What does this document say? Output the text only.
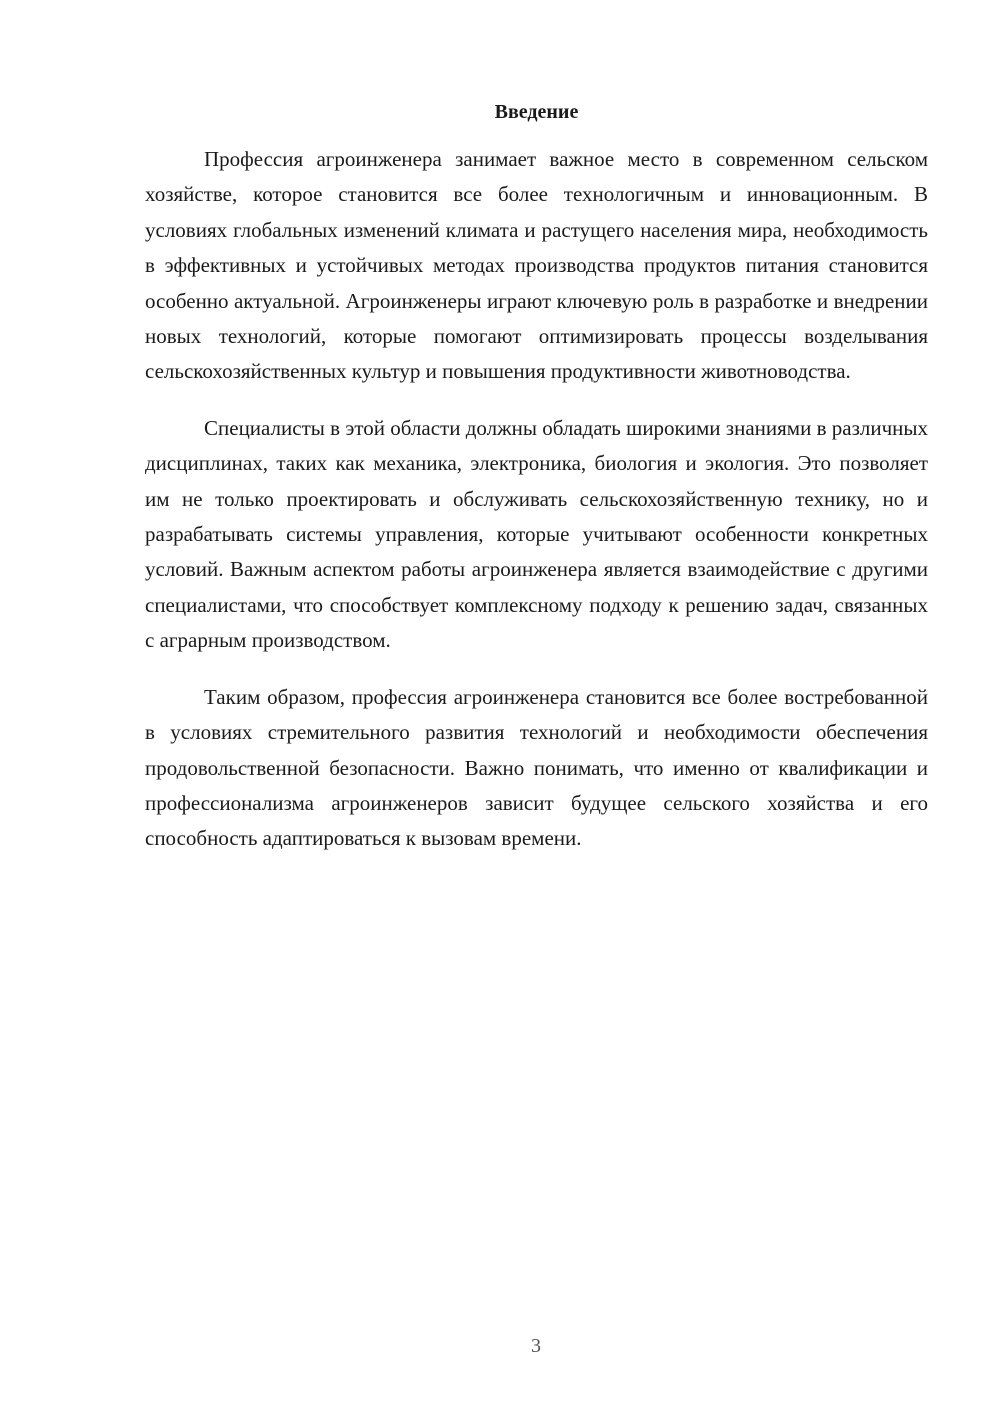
Введение

Профессия агроинженера занимает важное место в современном сельском хозяйстве, которое становится все более технологичным и инновационным. В условиях глобальных изменений климата и растущего населения мира, необходимость в эффективных и устойчивых методах производства продуктов питания становится особенно актуальной. Агроинженеры играют ключевую роль в разработке и внедрении новых технологий, которые помогают оптимизировать процессы возделывания сельскохозяйственных культур и повышения продуктивности животноводства.

Специалисты в этой области должны обладать широкими знаниями в различных дисциплинах, таких как механика, электроника, биология и экология. Это позволяет им не только проектировать и обслуживать сельскохозяйственную технику, но и разрабатывать системы управления, которые учитывают особенности конкретных условий. Важным аспектом работы агроинженера является взаимодействие с другими специалистами, что способствует комплексному подходу к решению задач, связанных с аграрным производством.

Таким образом, профессия агроинженера становится все более востребованной в условиях стремительного развития технологий и необходимости обеспечения продовольственной безопасности. Важно понимать, что именно от квалификации и профессионализма агроинженеров зависит будущее сельского хозяйства и его способность адаптироваться к вызовам времени.

3
